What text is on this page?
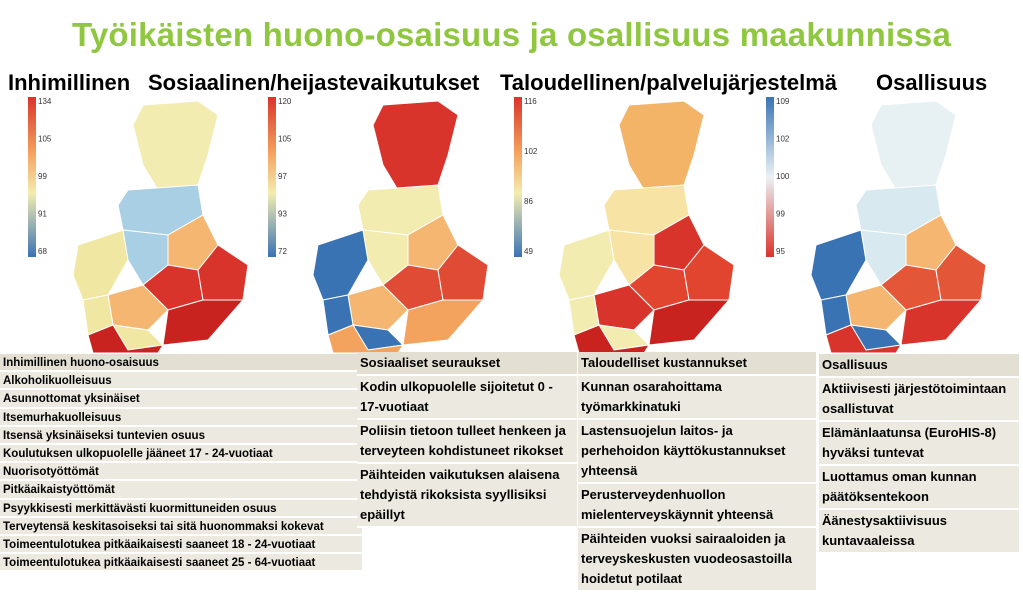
Työikäisten huono-osaisuus ja osallisuus maakunnissa
Inhimillinen Sosiaalinen/heijastevaikutukset Taloudellinen/palvelujärjestelmä Osallisuus
134
105
99
91
68
120
105
97
93
72
116
102
86
49
109
102
100
99
95
Inhimillinen huono-osaisuus
Alkoholikuolleisuus
Asunnottomat yksinäiset
Itsemurhakuolleisuus
Itsensä yksinäiseksi tuntevien osuus
Koulutuksen ulkopuolelle jääneet 17 - 24-vuotiaat
Nuorisotyöttömät
Pitkäaikaistyöttömät
Psyykkisesti merkittävästi kuormittuneiden osuus
Terveytensä keskitasoiseksi tai sitä huonommaksi kokevat
Toimeentulotukea pitkäaikaisesti saaneet 18 - 24-vuotiaat
Toimeentulotukea pitkäaikaisesti saaneet 25 - 64-vuotiaat
Sosiaaliset seuraukset
Kodin ulkopuolelle sijoitetut 0 - 17-vuotiaat
Poliisin tietoon tulleet henkeen ja terveyteen kohdistuneet rikokset
Päihteiden vaikutuksen alaisena tehdyistä rikoksista syyllisiksi epäillyt
Taloudelliset kustannukset
Kunnan osarahoittama työmarkkinatuki
Lastensuojelun laitos- ja perhehoidon käyttökustannukset yhteensä
Perusterveydenhuollon mielenterveyskäynnit yhteensä
Päihteiden vuoksi sairaaloiden ja terveyskeskusten vuodeosastoilla hoidetut potilaat
Osallisuus
Aktiivisesti järjestötoimintaan osallistuvat
Elämänlaatunsa (EuroHIS-8) hyväksi tuntevat
Luottamus oman kunnan päätöksentekoon
Äänestysaktiivisuus kuntavaaleissa
